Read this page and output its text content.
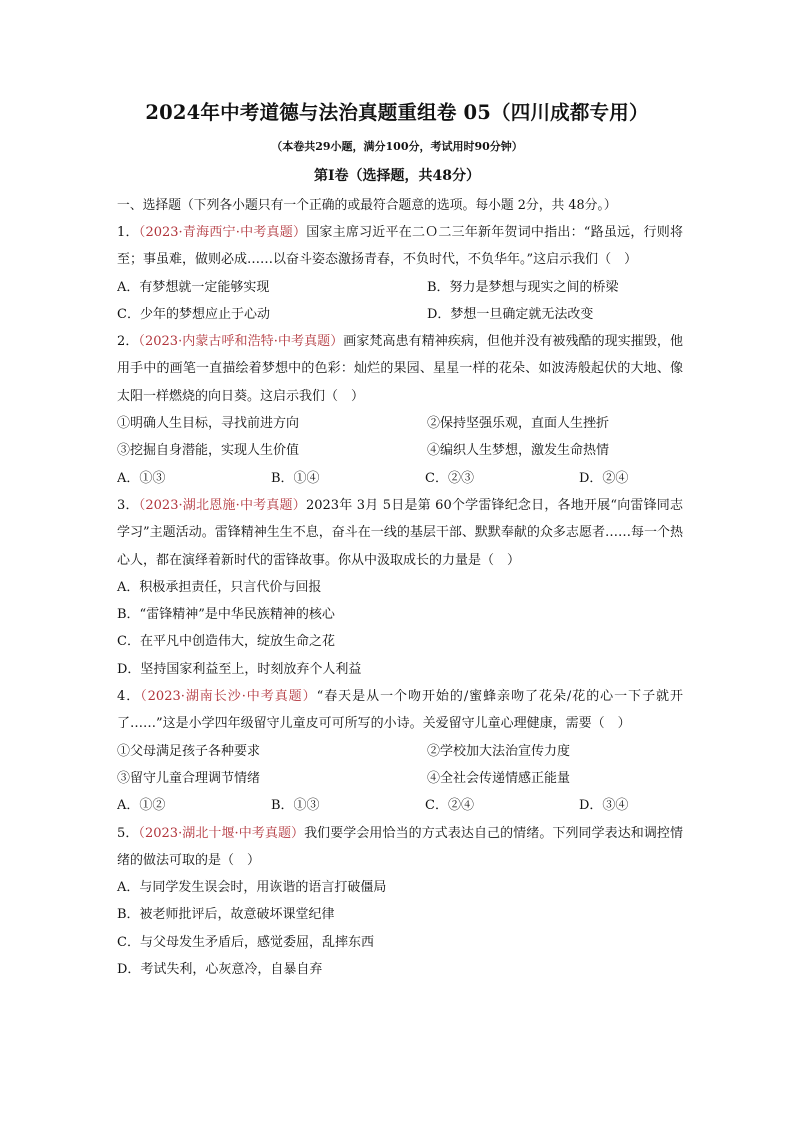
2024年中考道德与法治真题重组卷 05（四川成都专用）
（本卷共29小题，满分100分，考试用时90分钟）
第Ⅰ卷（选择题，共48分）
一、选择题（下列各小题只有一个正确的或最符合题意的选项。每小题 2分，共 48分。）
1．（2023·青海西宁·中考真题）国家主席习近平在二Ｏ二三年新年贺词中指出：“路虽远，行则将至；事虽难，做则必成……以奋斗姿态激扬青春，不负时代，不负华年。”这启示我们（　）
A．有梦想就一定能够实现	B．努力是梦想与现实之间的桥梁
C．少年的梦想应止于心动	D．梦想一旦确定就无法改变
2．（2023·内蒙古呼和浩特·中考真题）画家梵高患有精神疾病，但他并没有被残酷的现实摧毁，他用手中的画笔一直描绘着梦想中的色彩：灿烂的果园、星星一样的花朵、如波涛般起伏的大地、像太阳一样燃烧的向日葵。这启示我们（　）
①明确人生目标，寻找前进方向	②保持坚强乐观，直面人生挫折
③挖掘自身潜能，实现人生价值	④编织人生梦想，激发生命热情
A．①③	B．①④	C．②③	D．②④
3．（2023·湖北恩施·中考真题）2023年 3月 5日是第 60个学雷锋纪念日，各地开展“向雷锋同志学习”主题活动。雷锋精神生生不息，奋斗在一线的基层干部、默默奉献的众多志愿者……每一个热心人，都在演绎着新时代的雷锋故事。你从中汲取成长的力量是（　）
A．积极承担责任，只言代价与回报
B．“雷锋精神”是中华民族精神的核心
C．在平凡中创造伟大，绽放生命之花
D．坚持国家利益至上，时刻放弃个人利益
4．（2023·湖南长沙·中考真题）“春天是从一个吻开始的/蜜蜂亲吻了花朵/花的心一下子就开了……”这是小学四年级留守儿童皮可可所写的小诗。关爱留守儿童心理健康，需要（　）
①父母满足孩子各种要求	②学校加大法治宣传力度
③留守儿童合理调节情绪	④全社会传递情感正能量
A．①②	B．①③	C．②④	D．③④
5．（2023·湖北十堰·中考真题）我们要学会用恰当的方式表达自己的情绪。下列同学表达和调控情绪的做法可取的是（　）
A．与同学发生误会时，用诙谐的语言打破僵局
B．被老师批评后，故意破坏课堂纪律
C．与父母发生矛盾后，感觉委屈，乱摔东西
D．考试失利，心灰意冷，自暴自弃
